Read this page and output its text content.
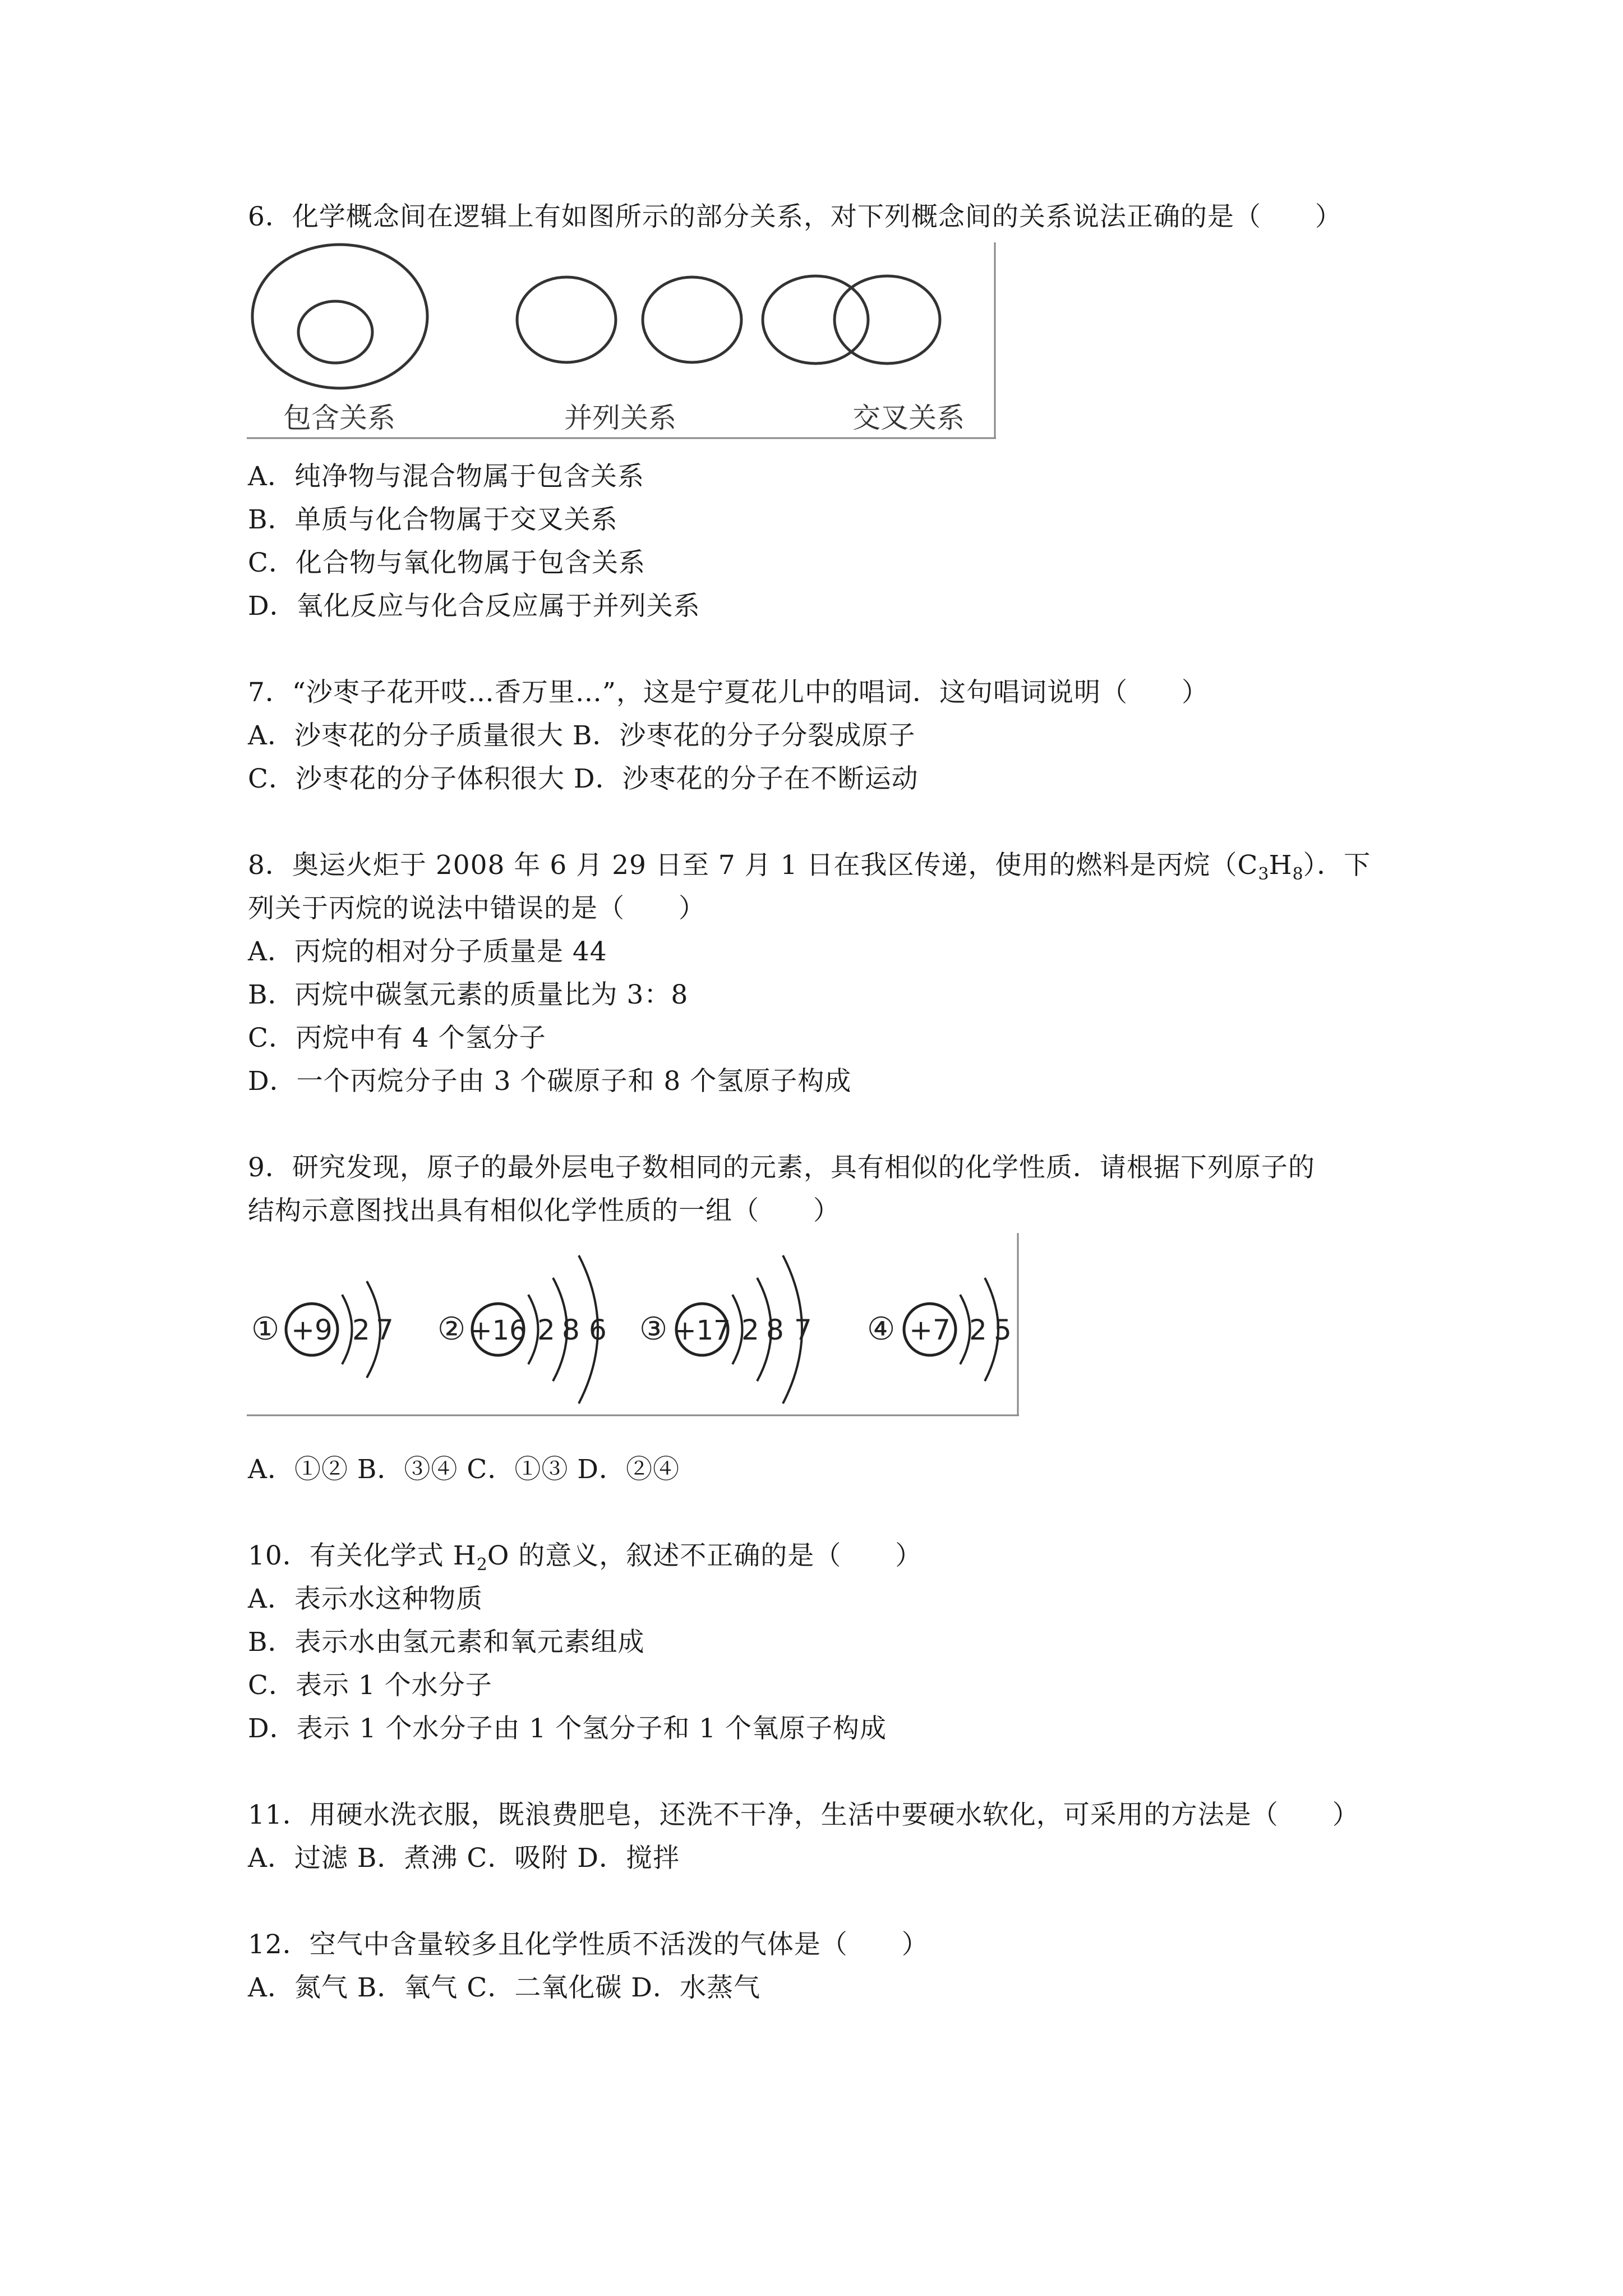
6．化学概念间在逻辑上有如图所示的部分关系，对下列概念间的关系说法正确的是（　　）
包含关系	并列关系	交叉关系
A．纯净物与混合物属于包含关系
B．单质与化合物属于交叉关系
C．化合物与氧化物属于包含关系
D．氧化反应与化合反应属于并列关系
7．“沙枣子花开哎…香万里…”，这是宁夏花儿中的唱词．这句唱词说明（　　）
A．沙枣花的分子质量很大 B．沙枣花的分子分裂成原子
C．沙枣花的分子体积很大 D．沙枣花的分子在不断运动
8．奥运火炬于 2008 年 6 月 29 日至 7 月 1 日在我区传递，使用的燃料是丙烷$(C_3H_8)$．下
列关于丙烷的说法中错误的是（　　）
A．丙烷的相对分子质量是 44
B．丙烷中碳氢元素的质量比为 3：8
C．丙烷中有 4 个氢分子
D．一个丙烷分子由 3 个碳原子和 8 个氢原子构成
9．研究发现，原子的最外层电子数相同的元素，具有相似的化学性质．请根据下列原子的
结构示意图找出具有相似化学性质的一组（　　）
① +9 2 7 ② +16 2 8 6 ③ +17 2 8 7 ④ +7 2 5
A．①② B．③④ C．①③ D．②④
10．有关化学式 $H_2O$ 的意义，叙述不正确的是（　　）
A．表示水这种物质
B．表示水由氢元素和氧元素组成
C．表示 1 个水分子
D．表示 1 个水分子由 1 个氢分子和 1 个氧原子构成
11．用硬水洗衣服，既浪费肥皂，还洗不干净，生活中要硬水软化，可采用的方法是（　　）
A．过滤 B．煮沸 C．吸附 D．搅拌
12．空气中含量较多且化学性质不活泼的气体是（　　）
A．氮气 B．氧气 C．二氧化碳 D．水蒸气
